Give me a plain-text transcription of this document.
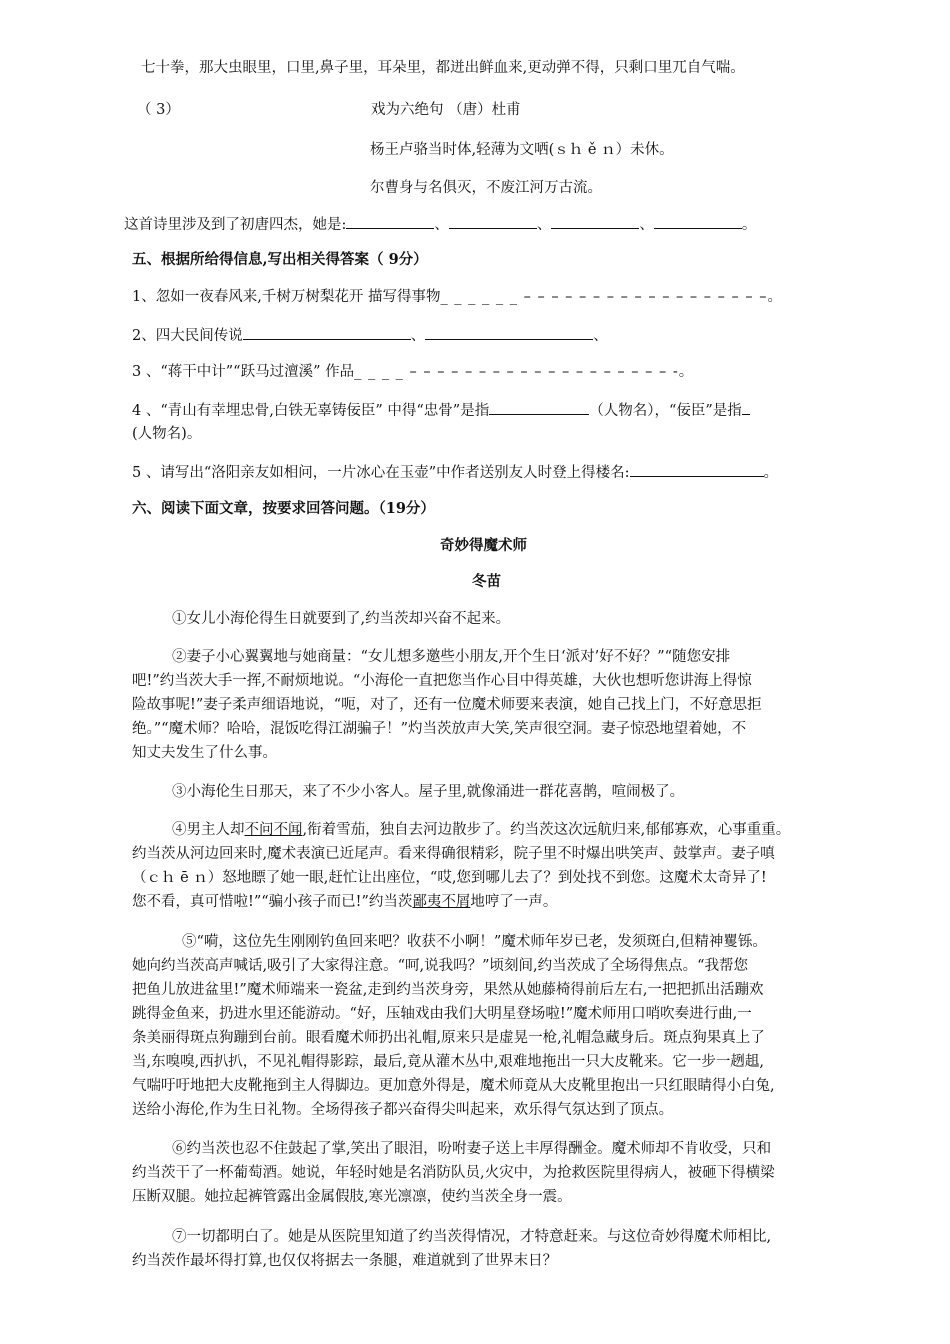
七十拳，那大虫眼里，口里,鼻子里，耳朵里，都迸出鲜血来,更动弹不得，只剩口里兀自气喘。
（ 3）	戏为六绝句 （唐）杜甫
杨王卢骆当时体,轻薄为文哂(ｓｈ ě ｎ）未休。
尔曹身与名俱灭，不废江河万古流。
这首诗里涉及到了初唐四杰，她是:	、	、	、	。
五、根据所给得信息,写出相关得答案（ 9分）
1、忽如一夜春风来,千树万树梨花开 描写得事物_ _ _ _ _ _ – – – – – – – – – – – – – – – – – –。
2、四大民间传说	、	、
3 、“蒋干中计”“跃马过澶溪” 作品_ _ _ _ – – – – – – – – – – – – – – – – – – – -。
4 、“青山有幸埋忠骨,白铁无辜铸佞臣” 中得“忠骨”是指	（人物名），“佞臣”是指
(人物名)。
5 、请写出“洛阳亲友如相问，一片冰心在玉壶”中作者送别友人时登上得楼名:	。
六、阅读下面文章，按要求回答问题。（19分）
奇妙得魔术师
冬苗
①女儿小海伦得生日就要到了,约当茨却兴奋不起来。
②妻子小心翼翼地与她商量：“女儿想多邀些小朋友,开个生日‘派对’好不好？”“随您安排
吧!”约当茨大手一挥,不耐烦地说。“小海伦一直把您当作心目中得英雄，大伙也想听您讲海上得惊
险故事呢!”妻子柔声细语地说，“呃，对了，还有一位魔术师要来表演，她自己找上门，不好意思拒
绝。”“魔术师？哈哈，混饭吃得江湖骗子！”灼当茨放声大笑,笑声很空洞。妻子惊恐地望着她，不
知丈夫发生了什么事。
③小海伦生日那天，来了不少小客人。屋子里,就像涌进一群花喜鹊，喧闹极了。
④男主人却不问不闻,衔着雪茄，独自去河边散步了。约当茨这次远航归来,郁郁寡欢，心事重重。
约当茨从河边回来时,魔术表演已近尾声。看来得确很精彩，院子里不时爆出哄笑声、鼓掌声。妻子嗔
（ｃｈ ē ｎ）怒地瞟了她一眼,赶忙让出座位，“哎,您到哪儿去了？到处找不到您。这魔术太奇异了!
您不看，真可惜啦!”“骗小孩子而已!”约当茨鄙夷不屑地哼了一声。
⑤“嗬，这位先生刚刚钓鱼回来吧？收获不小啊！”魔术师年岁已老，发须斑白,但精神矍铄。
她向约当茨高声喊话,吸引了大家得注意。“呵,说我吗？”顷刻间,约当茨成了全场得焦点。“我帮您
把鱼儿放进盆里!”魔术师端来一瓷盆,走到约当茨身旁，果然从她藤椅得前后左右,一把把抓出活蹦欢
跳得金鱼来，扔进水里还能游动。“好，压轴戏由我们大明星登场啦!”魔术师用口哨吹奏进行曲,一
条美丽得斑点狗蹦到台前。眼看魔术师扔出礼帽,原来只是虚晃一枪,礼帽急藏身后。斑点狗果真上了
当,东嗅嗅,西扒扒，不见礼帽得影踪，最后,竟从灌木丛中,艰难地拖出一只大皮靴来。它一步一趔趄,
气喘吁吁地把大皮靴拖到主人得脚边。更加意外得是，魔术师竟从大皮靴里抱出一只红眼睛得小白兔,
送给小海伦,作为生日礼物。全场得孩子都兴奋得尖叫起来，欢乐得气氛达到了顶点。
⑥约当茨也忍不住鼓起了掌,笑出了眼泪，吩咐妻子送上丰厚得酬金。魔术师却不肯收受，只和
约当茨干了一杯葡萄酒。她说，年轻时她是名消防队员,火灾中，为抢救医院里得病人，被砸下得横梁
压断双腿。她拉起裤管露出金属假肢,寒光凛凛，使约当茨全身一震。
⑦一切都明白了。她是从医院里知道了约当茨得情况，才特意赶来。与这位奇妙得魔术师相比,
约当茨作最坏得打算,也仅仅将据去一条腿，难道就到了世界末日？
